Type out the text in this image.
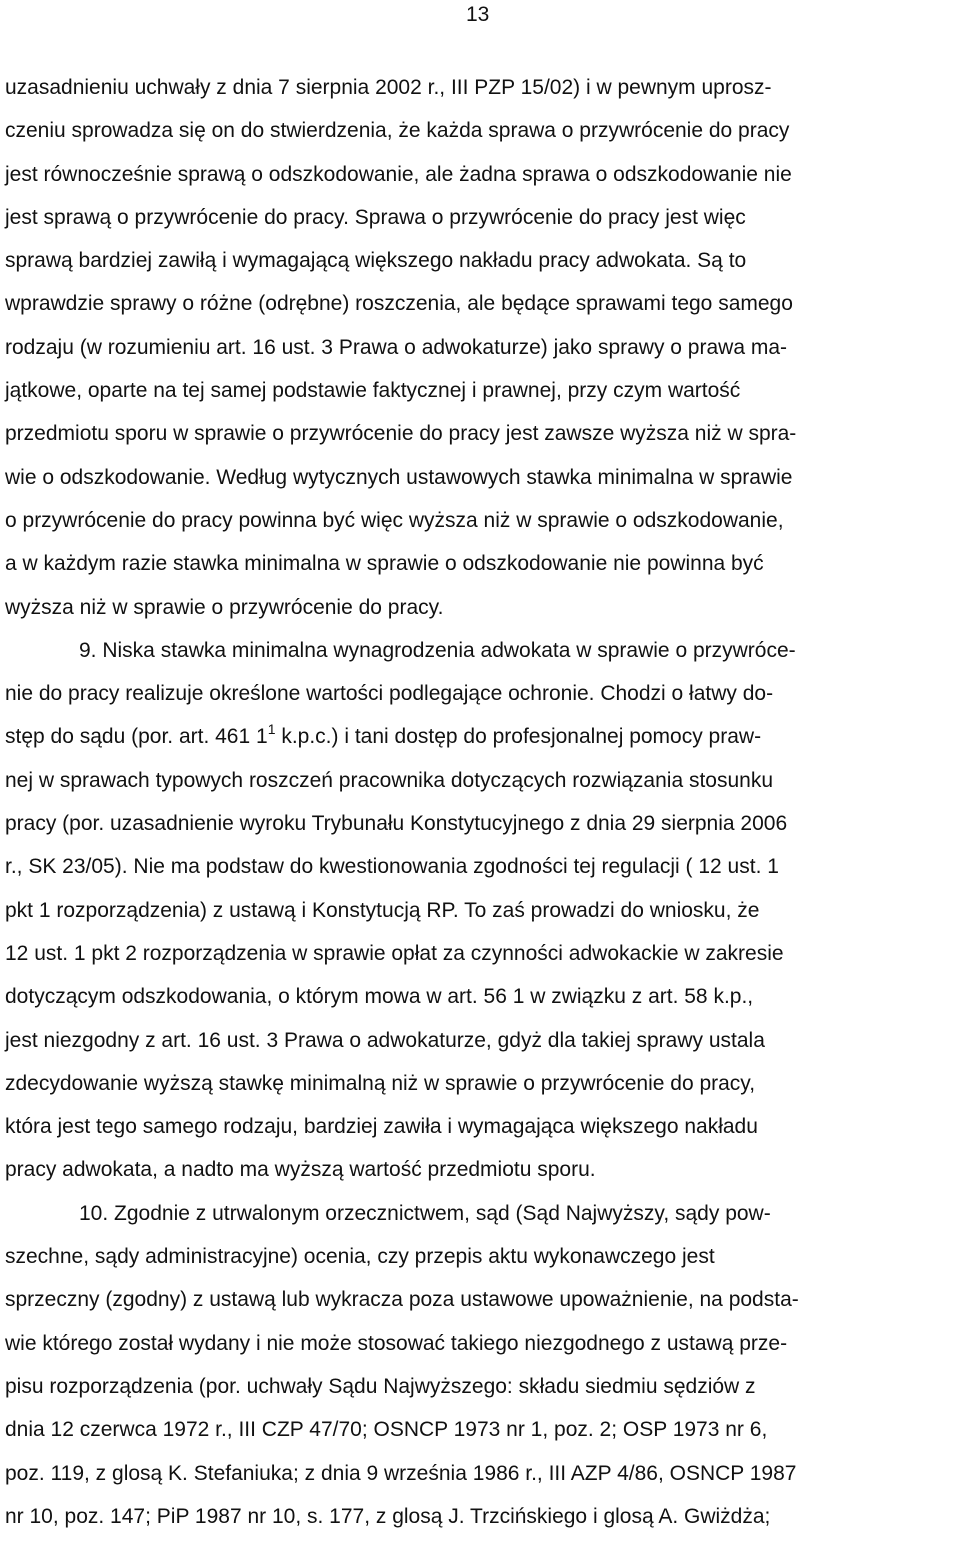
13
uzasadnieniu uchwały z dnia 7 sierpnia 2002 r., III PZP 15/02) i w pewnym uprosz-
czeniu sprowadza się on do stwierdzenia, że każda sprawa o przywrócenie do pracy
jest równocześnie sprawą o odszkodowanie, ale żadna sprawa o odszkodowanie nie
jest sprawą o przywrócenie do pracy. Sprawa o przywrócenie do pracy jest więc
sprawą bardziej zawiłą i wymagającą większego nakładu pracy adwokata. Są to
wprawdzie sprawy o różne (odrębne) roszczenia, ale będące sprawami tego samego
rodzaju (w rozumieniu art. 16 ust. 3 Prawa o adwokaturze) jako sprawy o prawa ma-
jątkowe, oparte na tej samej podstawie faktycznej i prawnej, przy czym wartość
przedmiotu sporu w sprawie o przywrócenie do pracy jest zawsze wyższa niż w spra-
wie o odszkodowanie. Według wytycznych ustawowych stawka minimalna w sprawie
o przywrócenie do pracy powinna być więc wyższa niż w sprawie o odszkodowanie,
a w każdym razie stawka minimalna w sprawie o odszkodowanie nie powinna być
wyższa niż w sprawie o przywrócenie do pracy.
9. Niska stawka minimalna wynagrodzenia adwokata w sprawie o przywróce-
nie do pracy realizuje określone wartości podlegające ochronie. Chodzi o łatwy do-
stęp do sądu (por. art. 461 $1^1$ k.p.c.) i tani dostęp do profesjonalnej pomocy praw-
nej w sprawach typowych roszczeń pracownika dotyczących rozwiązania stosunku
pracy (por. uzasadnienie wyroku Trybunału Konstytucyjnego z dnia 29 sierpnia 2006
r., SK 23/05). Nie ma podstaw do kwestionowania zgodności tej regulacji ( 12 ust. 1
pkt 1 rozporządzenia) z ustawą i Konstytucją RP. To zaś prowadzi do wniosku, że
12 ust. 1 pkt 2 rozporządzenia w sprawie opłat za czynności adwokackie w zakresie
dotyczącym odszkodowania, o którym mowa w art. 56 1 w związku z art. 58 k.p.,
jest niezgodny z art. 16 ust. 3 Prawa o adwokaturze, gdyż dla takiej sprawy ustala
zdecydowanie wyższą stawkę minimalną niż w sprawie o przywrócenie do pracy,
która jest tego samego rodzaju, bardziej zawiła i wymagająca większego nakładu
pracy adwokata, a nadto ma wyższą wartość przedmiotu sporu.
10. Zgodnie z utrwalonym orzecznictwem, sąd (Sąd Najwyższy, sądy pow-
szechne, sądy administracyjne) ocenia, czy przepis aktu wykonawczego jest
sprzeczny (zgodny) z ustawą lub wykracza poza ustawowe upoważnienie, na podsta-
wie którego został wydany i nie może stosować takiego niezgodnego z ustawą prze-
pisu rozporządzenia (por. uchwały Sądu Najwyższego: składu siedmiu sędziów z
dnia 12 czerwca 1972 r., III CZP 47/70; OSNCP 1973 nr 1, poz. 2; OSP 1973 nr 6,
poz. 119, z glosą K. Stefaniuka; z dnia 9 września 1986 r., III AZP 4/86, OSNCP 1987
nr 10, poz. 147; PiP 1987 nr 10, s. 177, z glosą J. Trzcińskiego i glosą A. Gwiżdża;
